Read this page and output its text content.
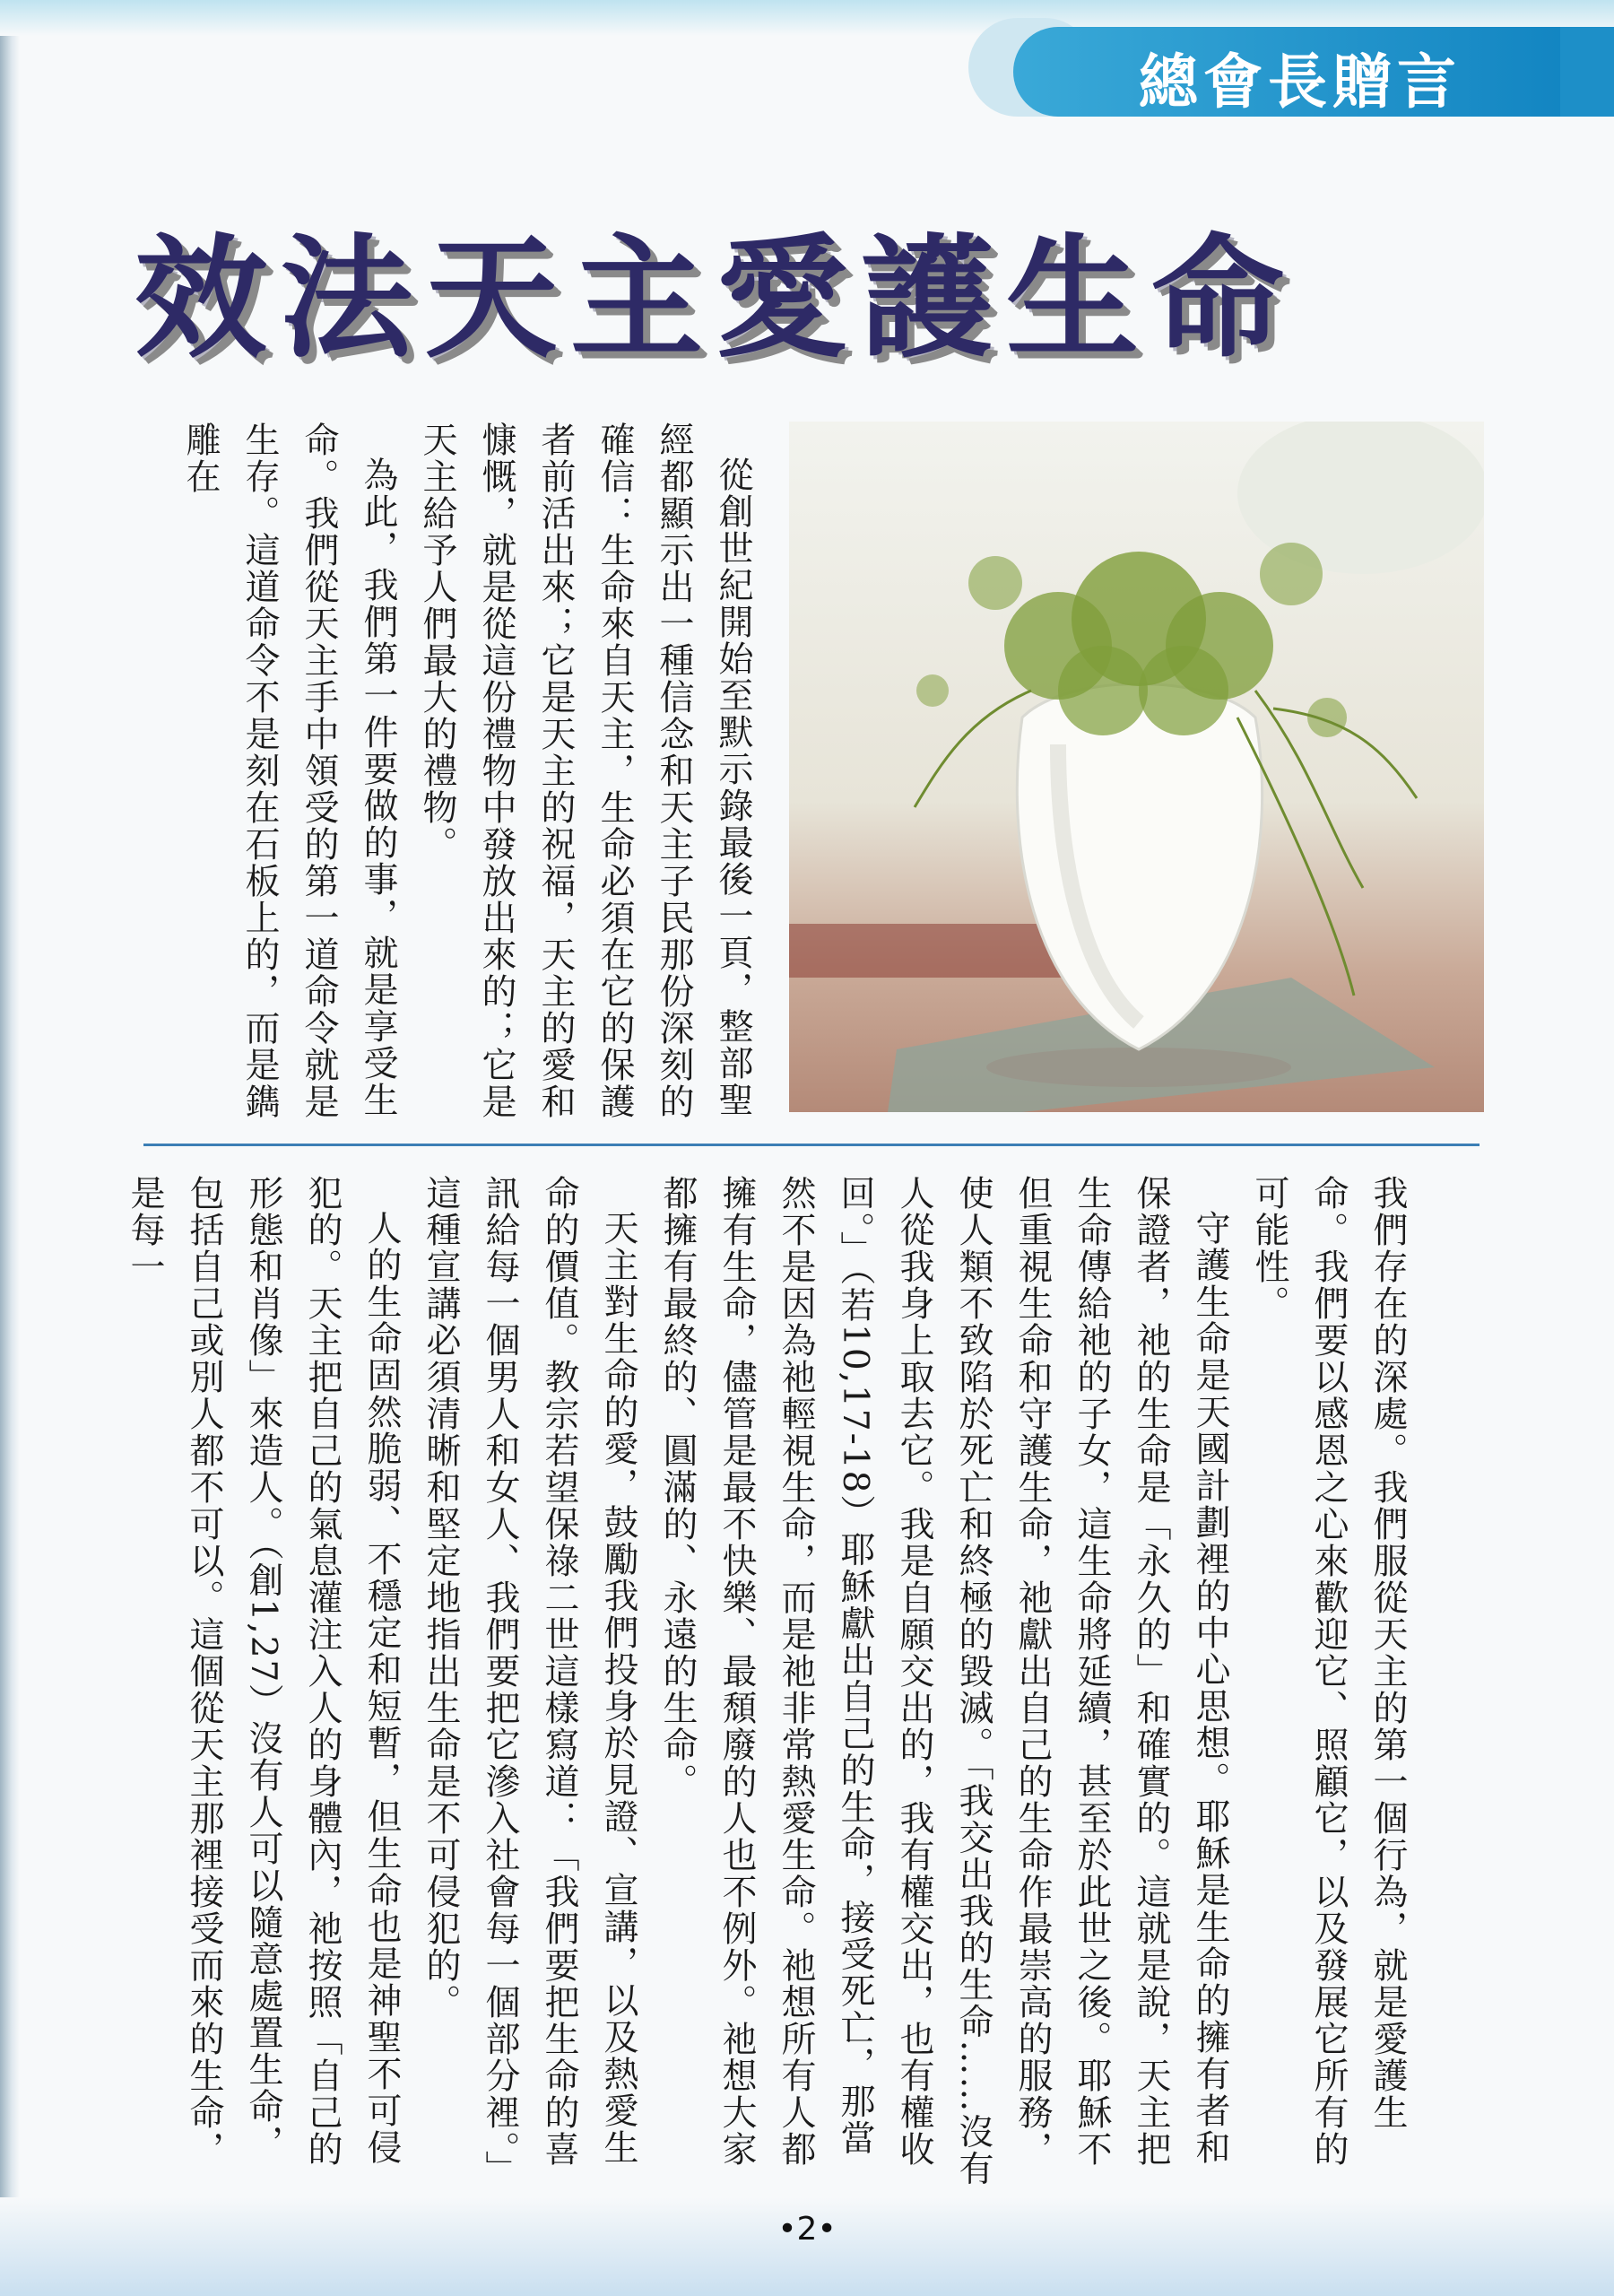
總會長贈言
效法天主愛護生命

從創世紀開始至默示錄最後一頁，整部聖經都顯示出一種信念和天主子民那份深刻的確信：生命來自天主，生命必須在它的保護者前活出來；它是天主的祝福，天主的愛和慷慨，就是從這份禮物中發放出來的；它是天主給予人們最大的禮物。

為此，我們第一件要做的事，就是享受生命。我們從天主手中領受的第一道命令就是生存。這道命令不是刻在石板上的，而是鐫雕在

我們存在的深處。我們服從天主的第一個行為，就是愛護生命。我們要以感恩之心來歡迎它、照顧它，以及發展它所有的可能性。

守護生命是天國計劃裡的中心思想。耶穌是生命的擁有者和保證者，祂的生命是「永久的」和確實的。這就是說，天主把生命傳給祂的子女，這生命將延續，甚至於此世之後。耶穌不但重視生命和守護生命，祂獻出自己的生命作最崇高的服務，使人類不致陷於死亡和終極的毀滅。「我交出我的生命……沒有人從我身上取去它。我是自願交出的，我有權交出，也有權收回。」（若10,17-18）耶穌獻出自己的生命，接受死亡，那當然不是因為祂輕視生命，而是祂非常熱愛生命。祂想所有人都擁有生命，儘管是最不快樂、最頹廢的人也不例外。祂想大家都擁有最終的、圓滿的、永遠的生命。

天主對生命的愛，鼓勵我們投身於見證、宣講，以及熱愛生命的價值。教宗若望保祿二世這樣寫道：「我們要把生命的喜訊給每一個男人和女人、我們要把它滲入社會每一個部分裡。」這種宣講必須清晰和堅定地指出生命是不可侵犯的。

人的生命固然脆弱、不穩定和短暫，但生命也是神聖不可侵犯的。天主把自己的氣息灌注入人的身體內，祂按照「自己的形態和肖像」來造人。（創1,27）沒有人可以隨意處置生命，包括自己或別人都不可以。這個從天主那裡接受而來的生命，是每一

•2•
